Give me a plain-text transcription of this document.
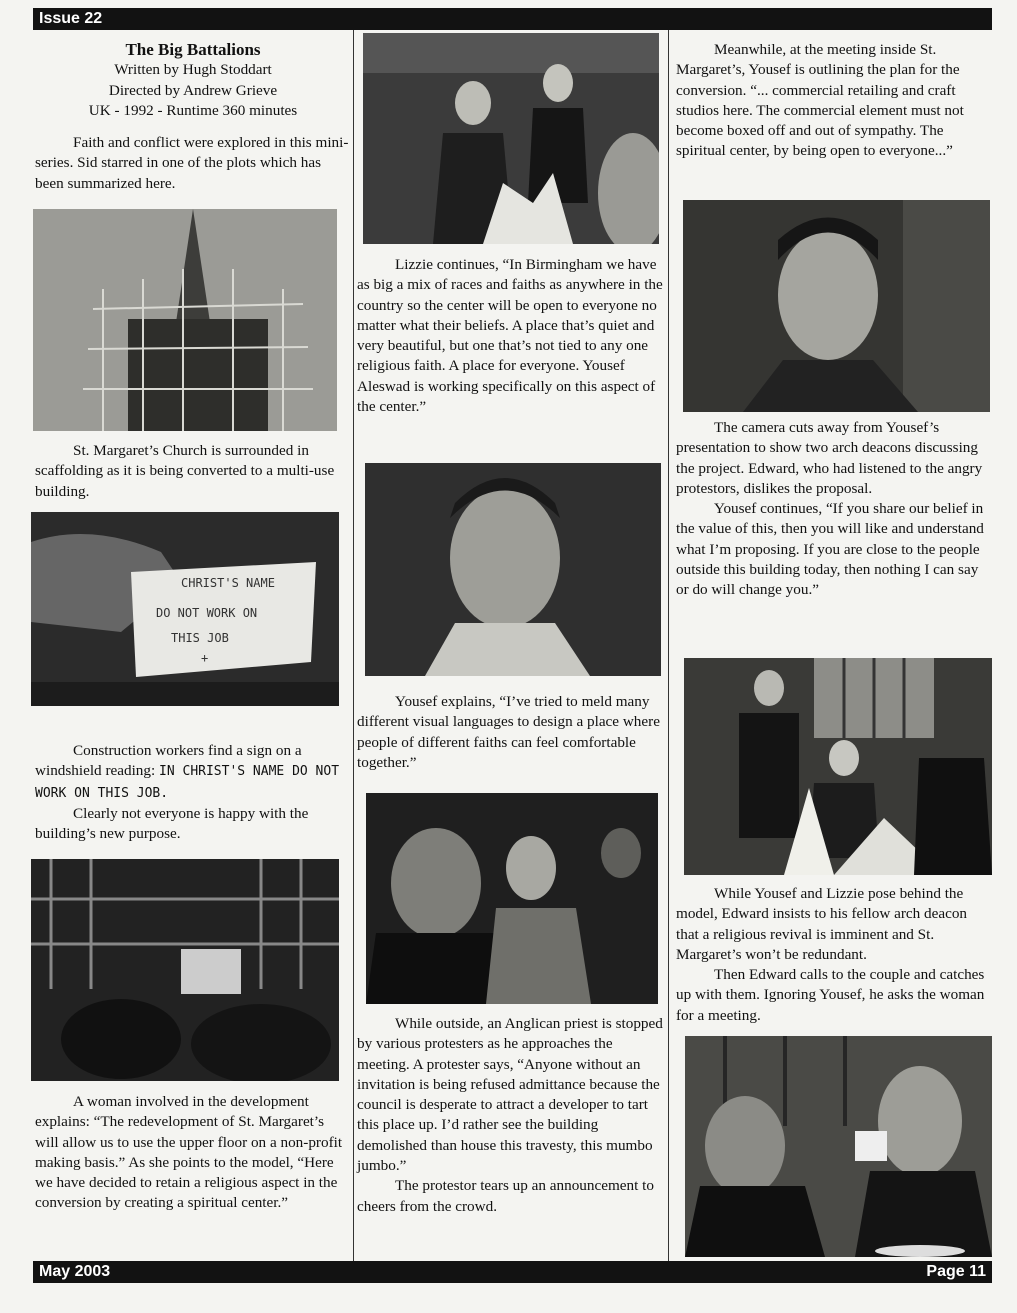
Issue 22
May 2003	Page 11

The Big Battalions

Written by Hugh Stoddart

Directed by Andrew Grieve

UK - 1992 - Runtime 360 minutes

Faith and conflict were explored in this mini-series. Sid starred in one of the plots which has been summarized here.

St. Margaret’s Church is surrounded in scaffolding as it is being converted to a multi-use building.

CHRIST'S NAME
DO NOT WORK ON
THIS JOB
+

Construction workers find a sign on a windshield reading: IN CHRIST'S NAME DO NOT WORK ON THIS JOB.

Clearly not everyone is happy with the building’s new purpose.

A woman involved in the development explains: “The redevelopment of St. Margaret’s will allow us to use the upper floor on a non-profit making basis.” As she points to the model, “Here we have decided to retain a religious aspect in the conversion by creating a spiritual center.”

Lizzie continues, “In Birmingham we have as big a mix of races and faiths as anywhere in the country so the center will be open to everyone no matter what their beliefs. A place that’s quiet and very beautiful, but one that’s not tied to any one religious faith. A place for everyone. Yousef Aleswad is working specifically on this aspect of the center.”

Yousef explains, “I’ve tried to meld many different visual languages to design a place where people of different faiths can feel comfortable together.”

While outside, an Anglican priest is stopped by various protesters as he approaches the meeting. A protester says, “Anyone without an invitation is being refused admittance because the council is desperate to attract a developer to tart this place up. I’d rather see the building demolished than house this travesty, this mumbo jumbo.”

The protestor tears up an announcement to cheers from the crowd.

Meanwhile, at the meeting inside St. Margaret’s, Yousef is outlining the plan for the conversion. “... commercial retailing and craft studios here. The commercial element must not become boxed off and out of sympathy. The spiritual center, by being open to everyone...”

The camera cuts away from Yousef’s presentation to show two arch deacons discussing the project. Edward, who had listened to the angry protestors, dislikes the proposal.

Yousef continues, “If you share our belief in the value of this, then you will like and understand what I’m proposing. If you are close to the people outside this building today, then nothing I can say or do will change you.”

While Yousef and Lizzie pose behind the model, Edward insists to his fellow arch deacon that a religious revival is imminent and St. Margaret’s won’t be redundant.

Then Edward calls to the couple and catches up with them. Ignoring Yousef, he asks the woman for a meeting.
